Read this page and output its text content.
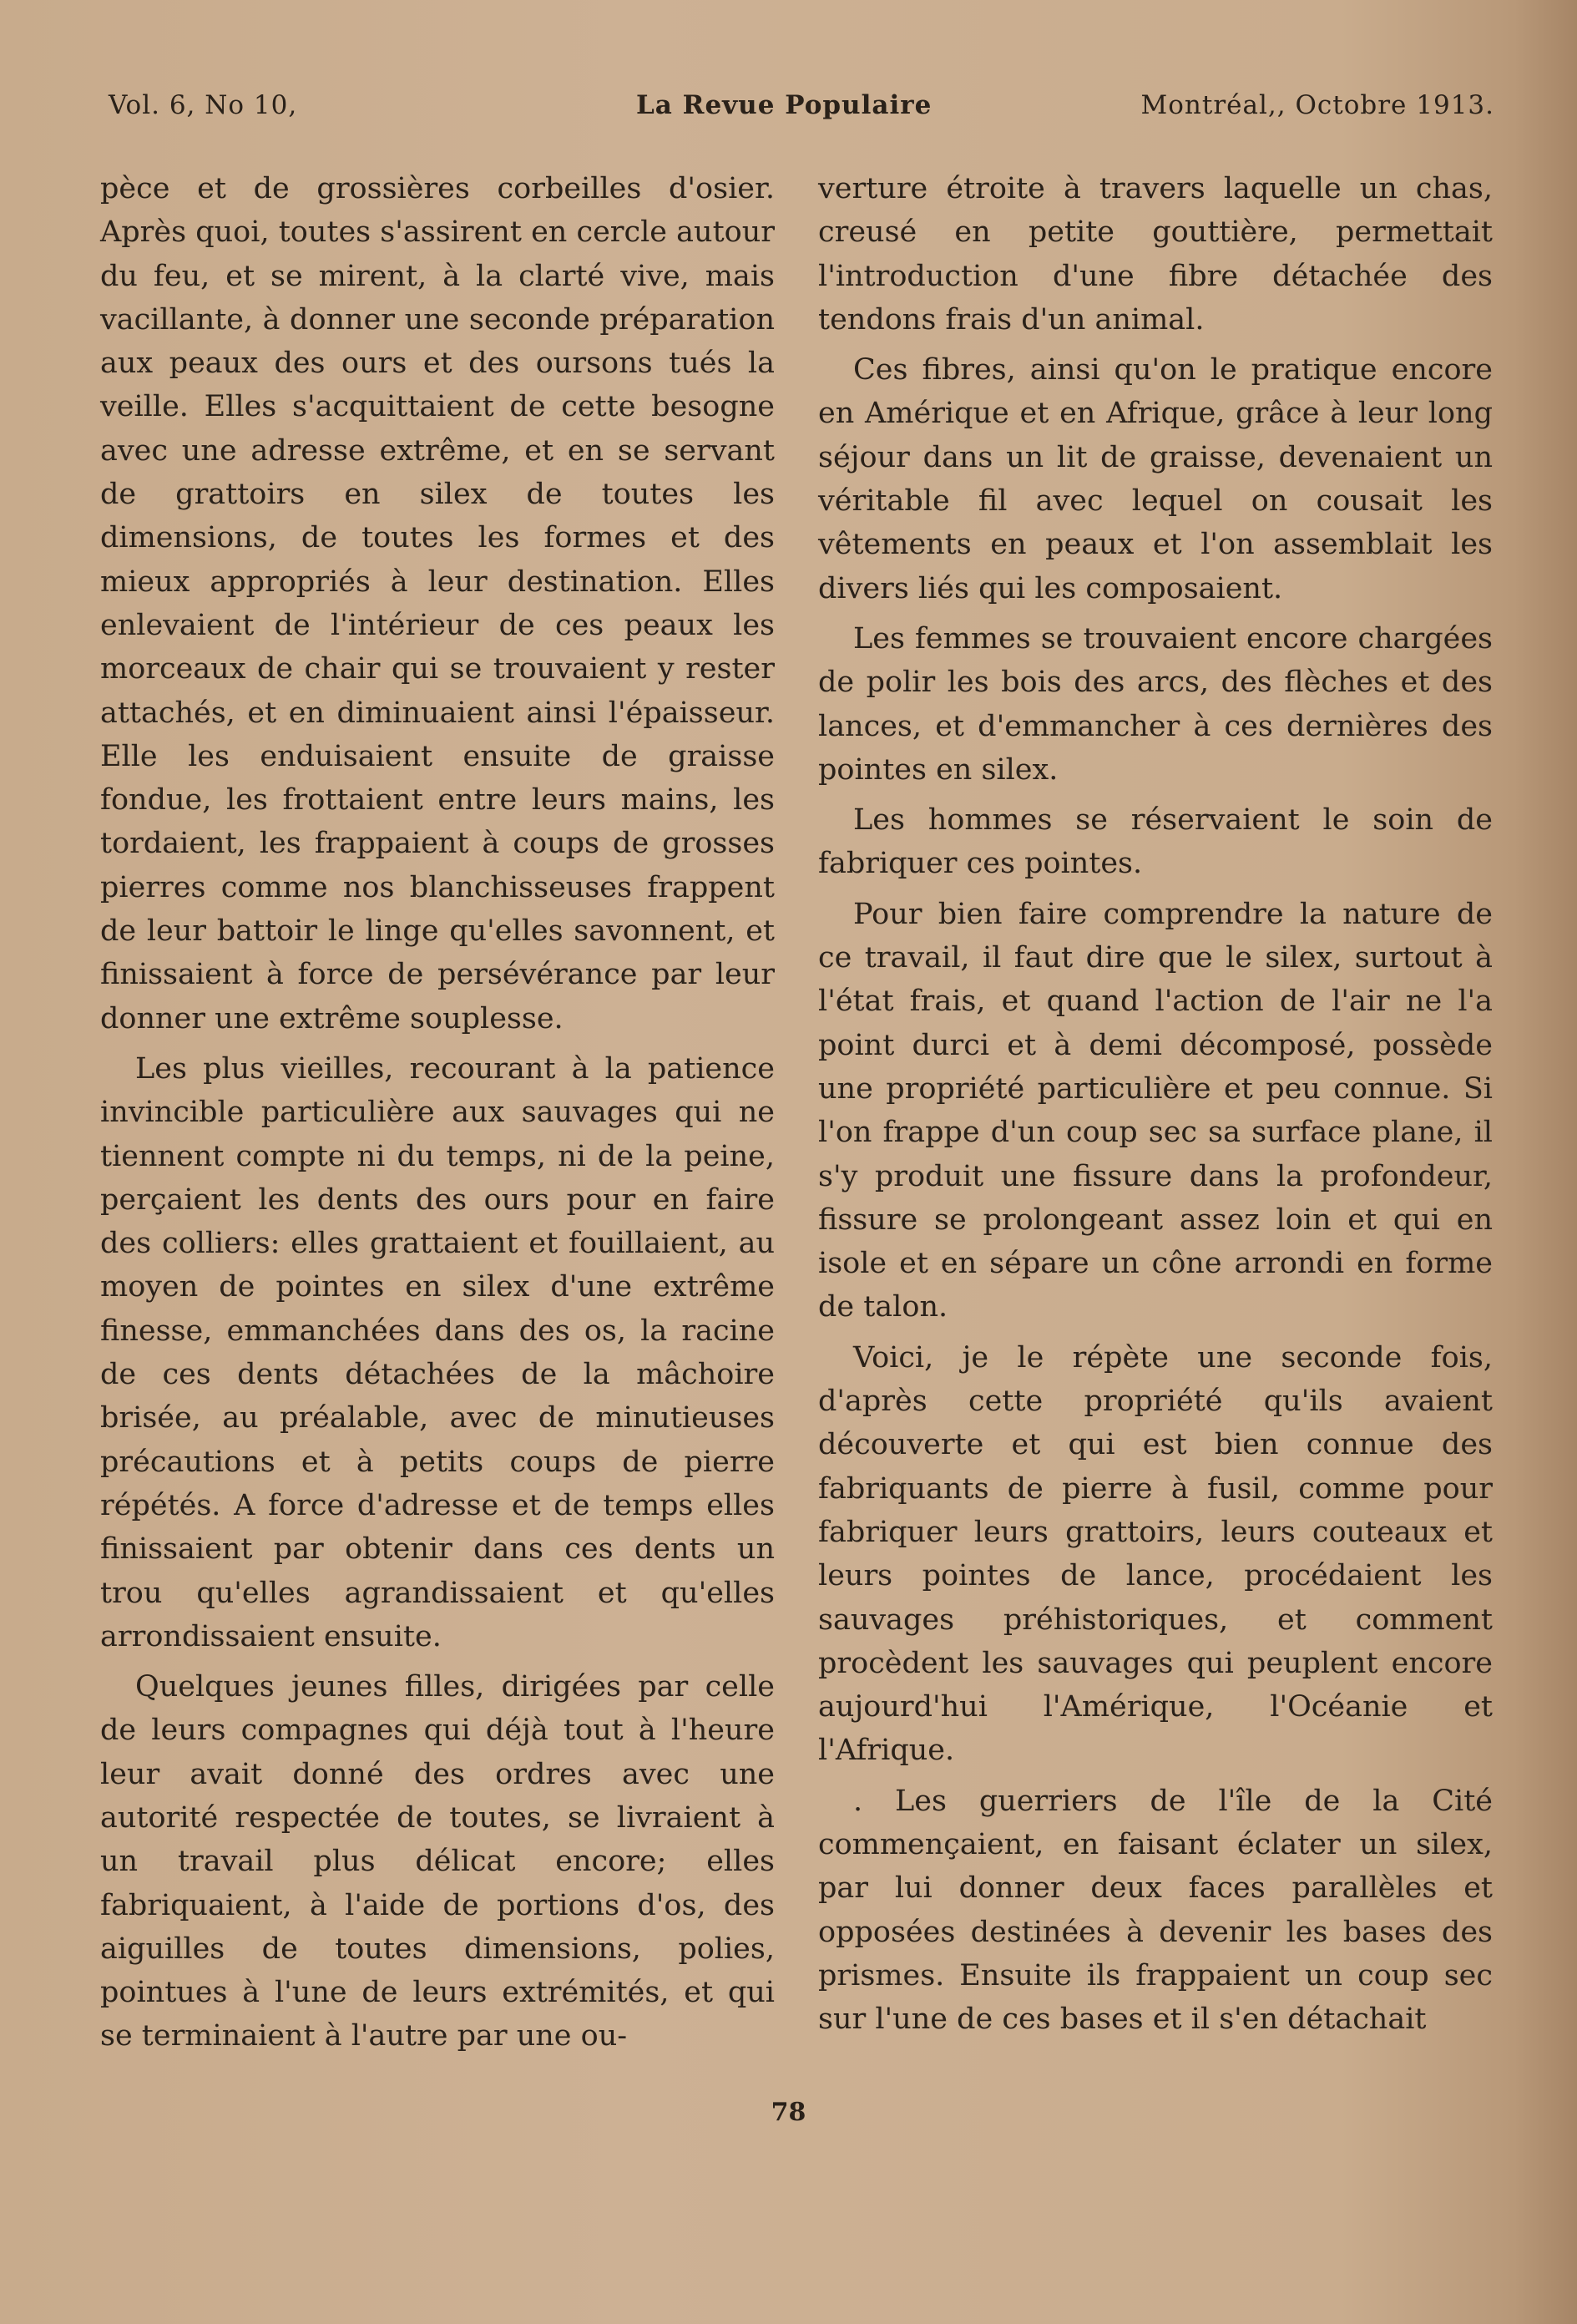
Vol. 6, No 10,	La Revue Populaire	Montréal,, Octobre 1913.

pèce et de grossières corbeilles d'osier. Après quoi, toutes s'assirent en cercle autour du feu, et se mirent, à la clarté vive, mais vacillante, à donner une seconde préparation aux peaux des ours et des oursons tués la veille. Elles s'acquittaient de cette besogne avec une adresse extrême, et en se servant de grattoirs en silex de toutes les dimensions, de toutes les formes et des mieux appropriés à leur destination. Elles enlevaient de l'intérieur de ces peaux les morceaux de chair qui se trouvaient y rester attachés, et en diminuaient ainsi l'épaisseur. Elle les enduisaient ensuite de graisse fondue, les frottaient entre leurs mains, les tordaient, les frappaient à coups de grosses pierres comme nos blanchisseuses frappent de leur battoir le linge qu'elles savonnent, et finissaient à force de persévérance par leur donner une extrême souplesse.

Les plus vieilles, recourant à la patience invincible particulière aux sauvages qui ne tiennent compte ni du temps, ni de la peine, perçaient les dents des ours pour en faire des colliers: elles grattaient et fouillaient, au moyen de pointes en silex d'une extrême finesse, emmanchées dans des os, la racine de ces dents détachées de la mâchoire brisée, au préalable, avec de minutieuses précautions et à petits coups de pierre répétés. A force d'adresse et de temps elles finissaient par obtenir dans ces dents un trou qu'elles agrandissaient et qu'elles arrondissaient ensuite.

Quelques jeunes filles, dirigées par celle de leurs compagnes qui déjà tout à l'heure leur avait donné des ordres avec une autorité respectée de toutes, se livraient à un travail plus délicat encore; elles fabriquaient, à l'aide de portions d'os, des aiguilles de toutes dimensions, polies, pointues à l'une de leurs extrémités, et qui se terminaient à l'autre par une ou-

verture étroite à travers laquelle un chas, creusé en petite gouttière, permettait l'introduction d'une fibre détachée des tendons frais d'un animal.

Ces fibres, ainsi qu'on le pratique encore en Amérique et en Afrique, grâce à leur long séjour dans un lit de graisse, devenaient un véritable fil avec lequel on cousait les vêtements en peaux et l'on assemblait les divers liés qui les composaient.

Les femmes se trouvaient encore chargées de polir les bois des arcs, des flèches et des lances, et d'emmancher à ces dernières des pointes en silex.

Les hommes se réservaient le soin de fabriquer ces pointes.

Pour bien faire comprendre la nature de ce travail, il faut dire que le silex, surtout à l'état frais, et quand l'action de l'air ne l'a point durci et à demi décomposé, possède une propriété particulière et peu connue. Si l'on frappe d'un coup sec sa surface plane, il s'y produit une fissure dans la profondeur, fissure se prolongeant assez loin et qui en isole et en sépare un cône arrondi en forme de talon.

Voici, je le répète une seconde fois, d'après cette propriété qu'ils avaient découverte et qui est bien connue des fabriquants de pierre à fusil, comme pour fabriquer leurs grattoirs, leurs couteaux et leurs pointes de lance, procédaient les sauvages préhistoriques, et comment procèdent les sauvages qui peuplent encore aujourd'hui l'Amérique, l'Océanie et l'Afrique.

. Les guerriers de l'île de la Cité commençaient, en faisant éclater un silex, par lui donner deux faces parallèles et opposées destinées à devenir les bases des prismes. Ensuite ils frappaient un coup sec sur l'une de ces bases et il s'en détachait

78
